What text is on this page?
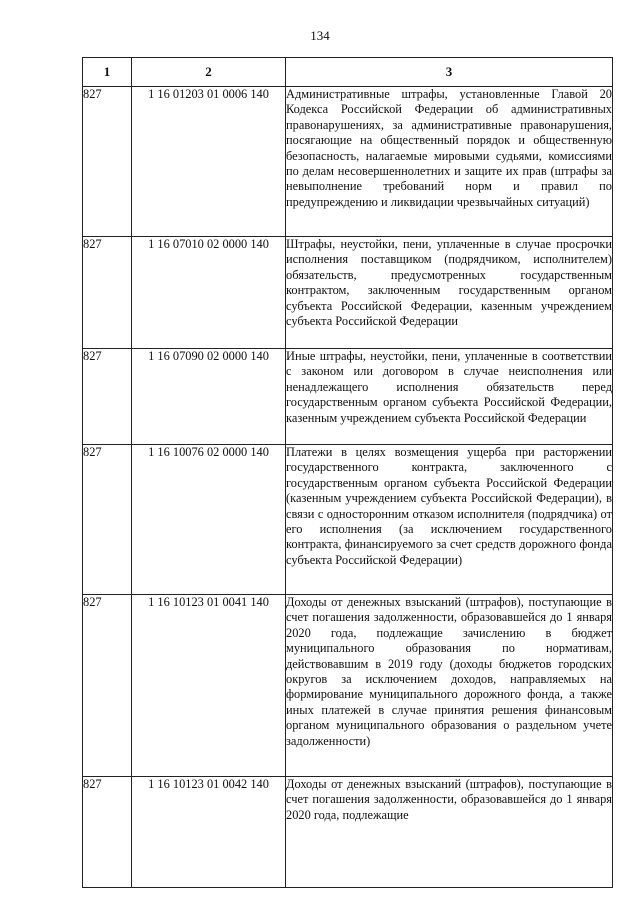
134
1	2	3
827	1 16 01203 01 0006 140	Административные штрафы, установленные Главой 20 Кодекса Российской Федерации об административных правонарушениях, за административные правонарушения, посягающие на общественный порядок и общественную безопасность, налагаемые мировыми судьями, комиссиями по делам несовершеннолетних и защите их прав (штрафы за невыполнение требований норм и правил по предупреждению и ликвидации чрезвычайных ситуаций)
827	1 16 07010 02 0000 140	Штрафы, неустойки, пени, уплаченные в случае просрочки исполнения поставщиком (подрядчиком, исполнителем) обязательств, предусмотренных государственным контрактом, заключенным государственным органом субъекта Российской Федерации, казенным учреждением субъекта Российской Федерации
827	1 16 07090 02 0000 140	Иные штрафы, неустойки, пени, уплаченные в соответствии с законом или договором в случае неисполнения или ненадлежащего исполнения обязательств перед государственным органом субъекта Российской Федерации, казенным учреждением субъекта Российской Федерации
827	1 16 10076 02 0000 140	Платежи в целях возмещения ущерба при расторжении государственного контракта, заключенного с государственным органом субъекта Российской Федерации (казенным учреждением субъекта Российской Федерации), в связи с односторонним отказом исполнителя (подрядчика) от его исполнения (за исключением государственного контракта, финансируемого за счет средств дорожного фонда субъекта Российской Федерации)
827	1 16 10123 01 0041 140	Доходы от денежных взысканий (штрафов), поступающие в счет погашения задолженности, образовавшейся до 1 января 2020 года, подлежащие зачислению в бюджет муниципального образования по нормативам, действовавшим в 2019 году (доходы бюджетов городских округов за исключением доходов, направляемых на формирование муниципального дорожного фонда, а также иных платежей в случае принятия решения финансовым органом муниципального образования о раздельном учете задолженности)
827	1 16 10123 01 0042 140	Доходы от денежных взысканий (штрафов), поступающие в счет погашения задолженности, образовавшейся до 1 января 2020 года, подлежащие
